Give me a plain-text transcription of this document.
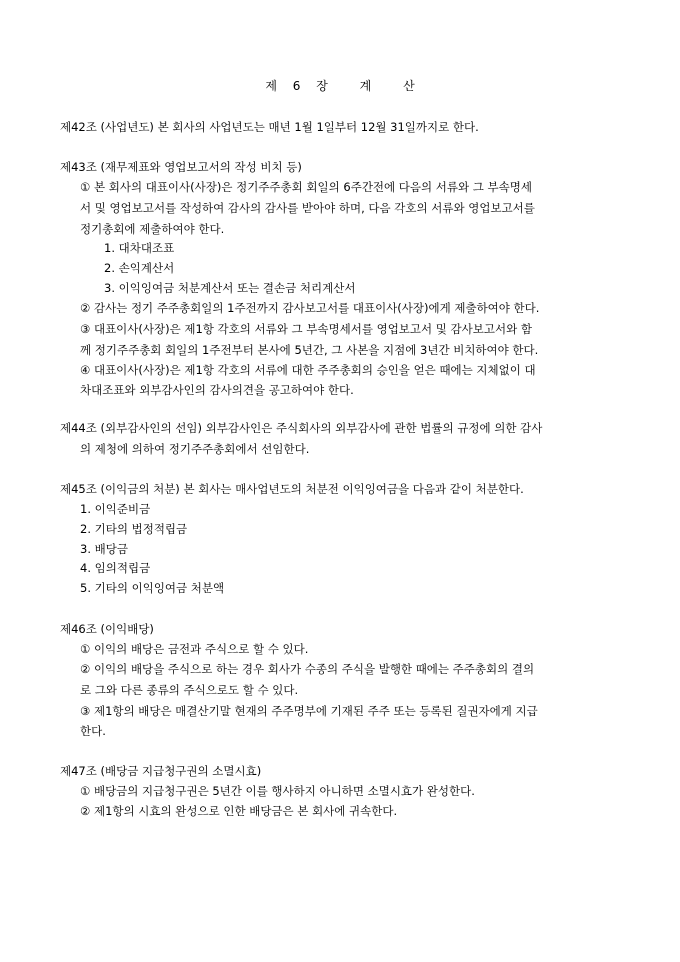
제 6 장	계	산
제42조 (사업년도) 본 회사의 사업년도는 매년 1월 1일부터 12월 31일까지로 한다.
제43조 (재무제표와 영업보고서의 작성 비치 등)
① 본 회사의 대표이사(사장)은 정기주주총회 회일의 6주간전에 다음의 서류와 그 부속명세
서 및 영업보고서를 작성하여 감사의 감사를 받아야 하며, 다음 각호의 서류와 영업보고서를
정기총회에 제출하여야 한다.
1. 대차대조표
2. 손익계산서
3. 이익잉여금 처분계산서 또는 결손금 처리계산서
② 감사는 정기 주주총회일의 1주전까지 감사보고서를 대표이사(사장)에게 제출하여야 한다.
③ 대표이사(사장)은 제1항 각호의 서류와 그 부속명세서를 영업보고서 및 감사보고서와 함
께 정기주주총회 회일의 1주전부터 본사에 5년간, 그 사본을 지점에 3년간 비치하여야 한다.
④ 대표이사(사장)은 제1항 각호의 서류에 대한 주주총회의 승인을 얻은 때에는 지체없이 대
차대조표와 외부감사인의 감사의견을 공고하여야 한다.
제44조 (외부감사인의 선임) 외부감사인은 주식회사의 외부감사에 관한 법률의 규정에 의한 감사
의 제청에 의하여 정기주주총회에서 선임한다.
제45조 (이익금의 처분) 본 회사는 매사업년도의 처분전 이익잉여금을 다음과 같이 처분한다.
1. 이익준비금
2. 기타의 법정적립금
3. 배당금
4. 임의적립금
5. 기타의 이익잉여금 처분액
제46조 (이익배당)
① 이익의 배당은 금전과 주식으로 할 수 있다.
② 이익의 배당을 주식으로 하는 경우 회사가 수종의 주식을 발행한 때에는 주주총회의 결의
로 그와 다른 종류의 주식으로도 할 수 있다.
③ 제1항의 배당은 매결산기말 현재의 주주명부에 기재된 주주 또는 등록된 질권자에게 지급
한다.
제47조 (배당금 지급청구권의 소멸시효)
① 배당금의 지급청구권은 5년간 이를 행사하지 아니하면 소멸시효가 완성한다.
② 제1항의 시효의 완성으로 인한 배당금은 본 회사에 귀속한다.
